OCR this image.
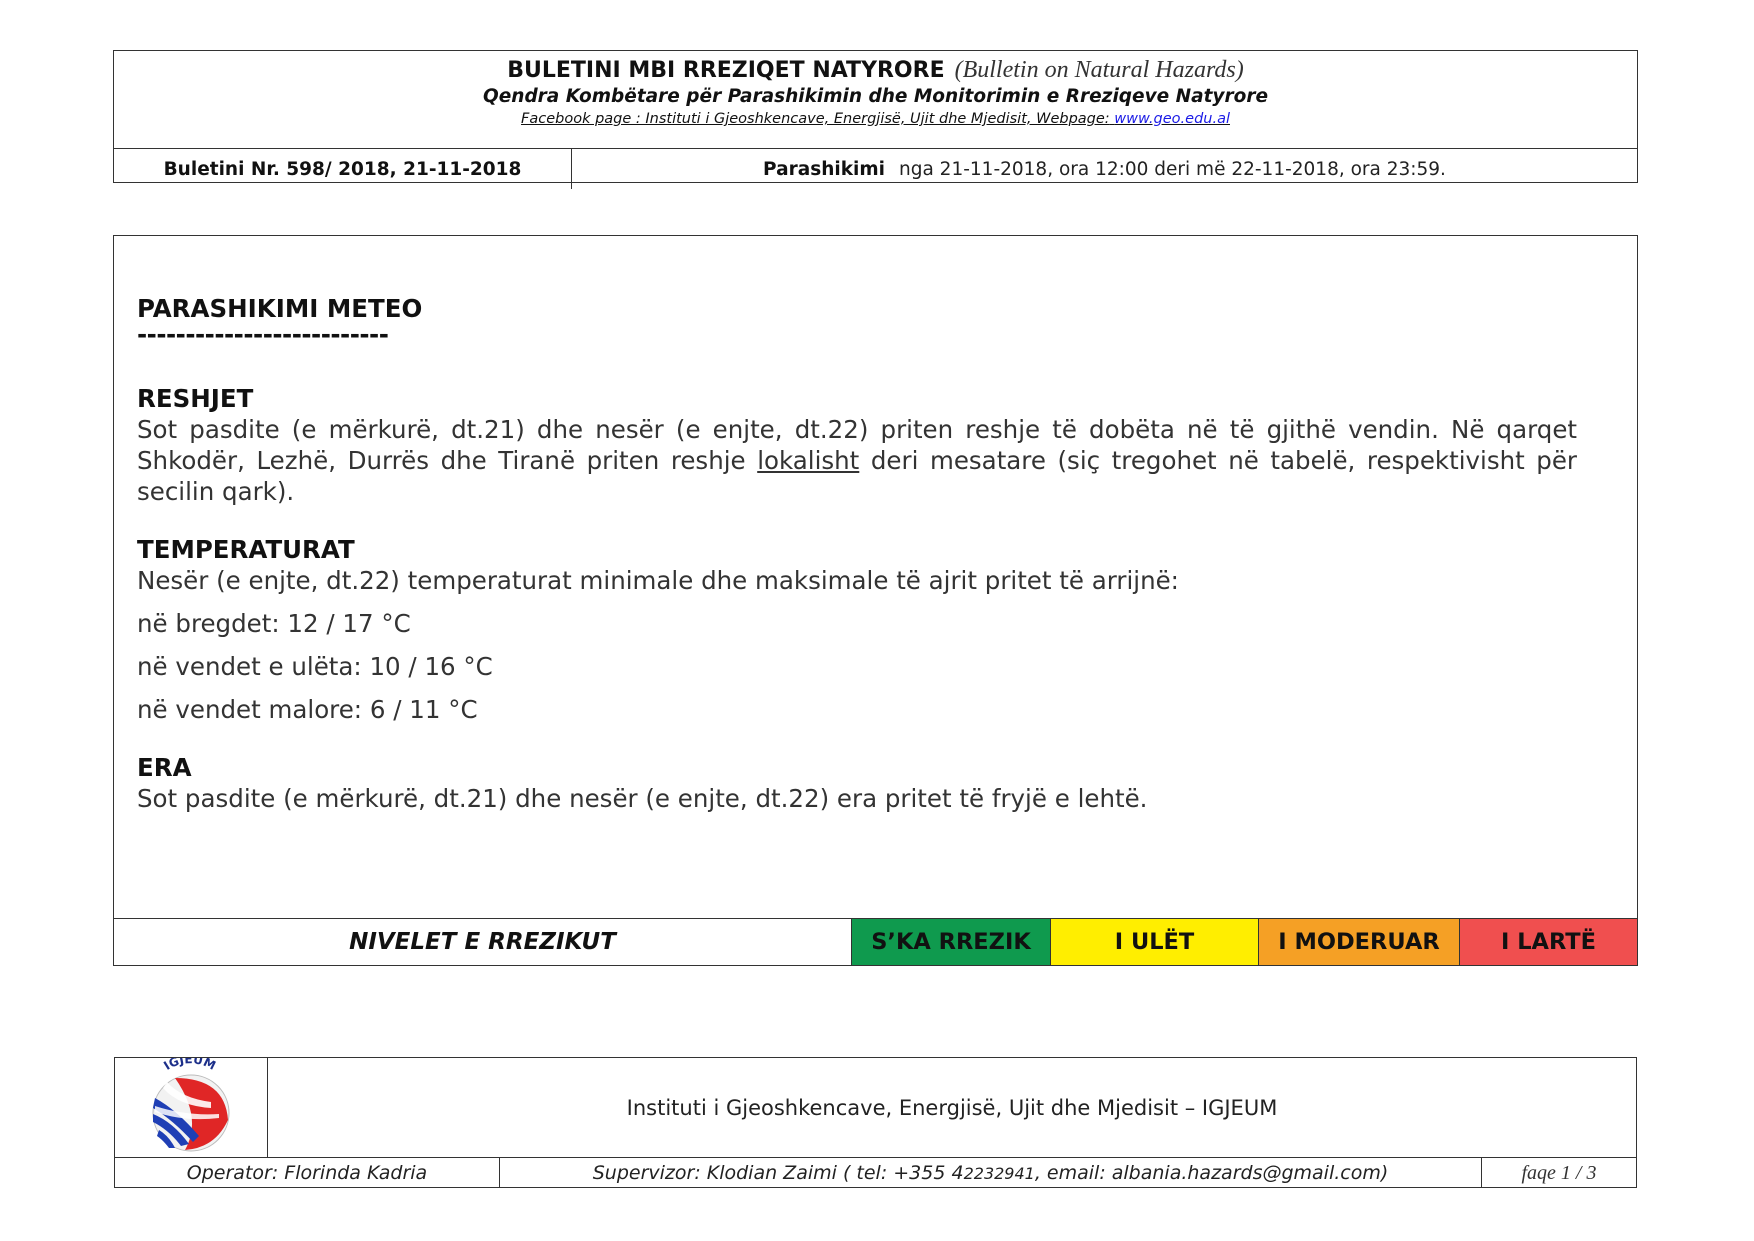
BULETINI MBI RREZIQET NATYRORE (Bulletin on Natural Hazards)
Qendra Kombëtare për Parashikimin dhe Monitorimin e Rreziqeve Natyrore
Facebook page : Instituti i Gjeoshkencave, Energjisë, Ujit dhe Mjedisit, Webpage: www.geo.edu.al
Buletini Nr. 598/ 2018, 21-11-2018	Parashikimi nga 21-11-2018, ora 12:00 deri më 22-11-2018, ora 23:59.
PARASHIKIMI METEO
--------------------------
RESHJET
Sot pasdite (e mërkurë, dt.21) dhe nesër (e enjte, dt.22) priten reshje të dobëta në të gjithë vendin. Në qarqet Shkodër, Lezhë, Durrës dhe Tiranë priten reshje lokalisht deri mesatare (siç tregohet në tabelë, respektivisht për secilin qark).
TEMPERATURAT
Nesër (e enjte, dt.22) temperaturat minimale dhe maksimale të ajrit pritet të arrijnë:
në bregdet: 12 / 17 °C
në vendet e ulëta: 10 / 16 °C
në vendet malore: 6 / 11 °C
ERA
Sot pasdite (e mërkurë, dt.21) dhe nesër (e enjte, dt.22) era pritet të fryjë e lehtë.
NIVELET E RREZIKUT	S’KA RREZIK	I ULËT	I MODERUAR	I LARTË
IGJEUM
Instituti i Gjeoshkencave, Energjisë, Ujit dhe Mjedisit – IGJEUM
Operator: Florinda Kadria	Supervizor: Klodian Zaimi ( tel: +355 4 2232941 , email: albania.hazards@gmail.com)	faqe 1 / 3
